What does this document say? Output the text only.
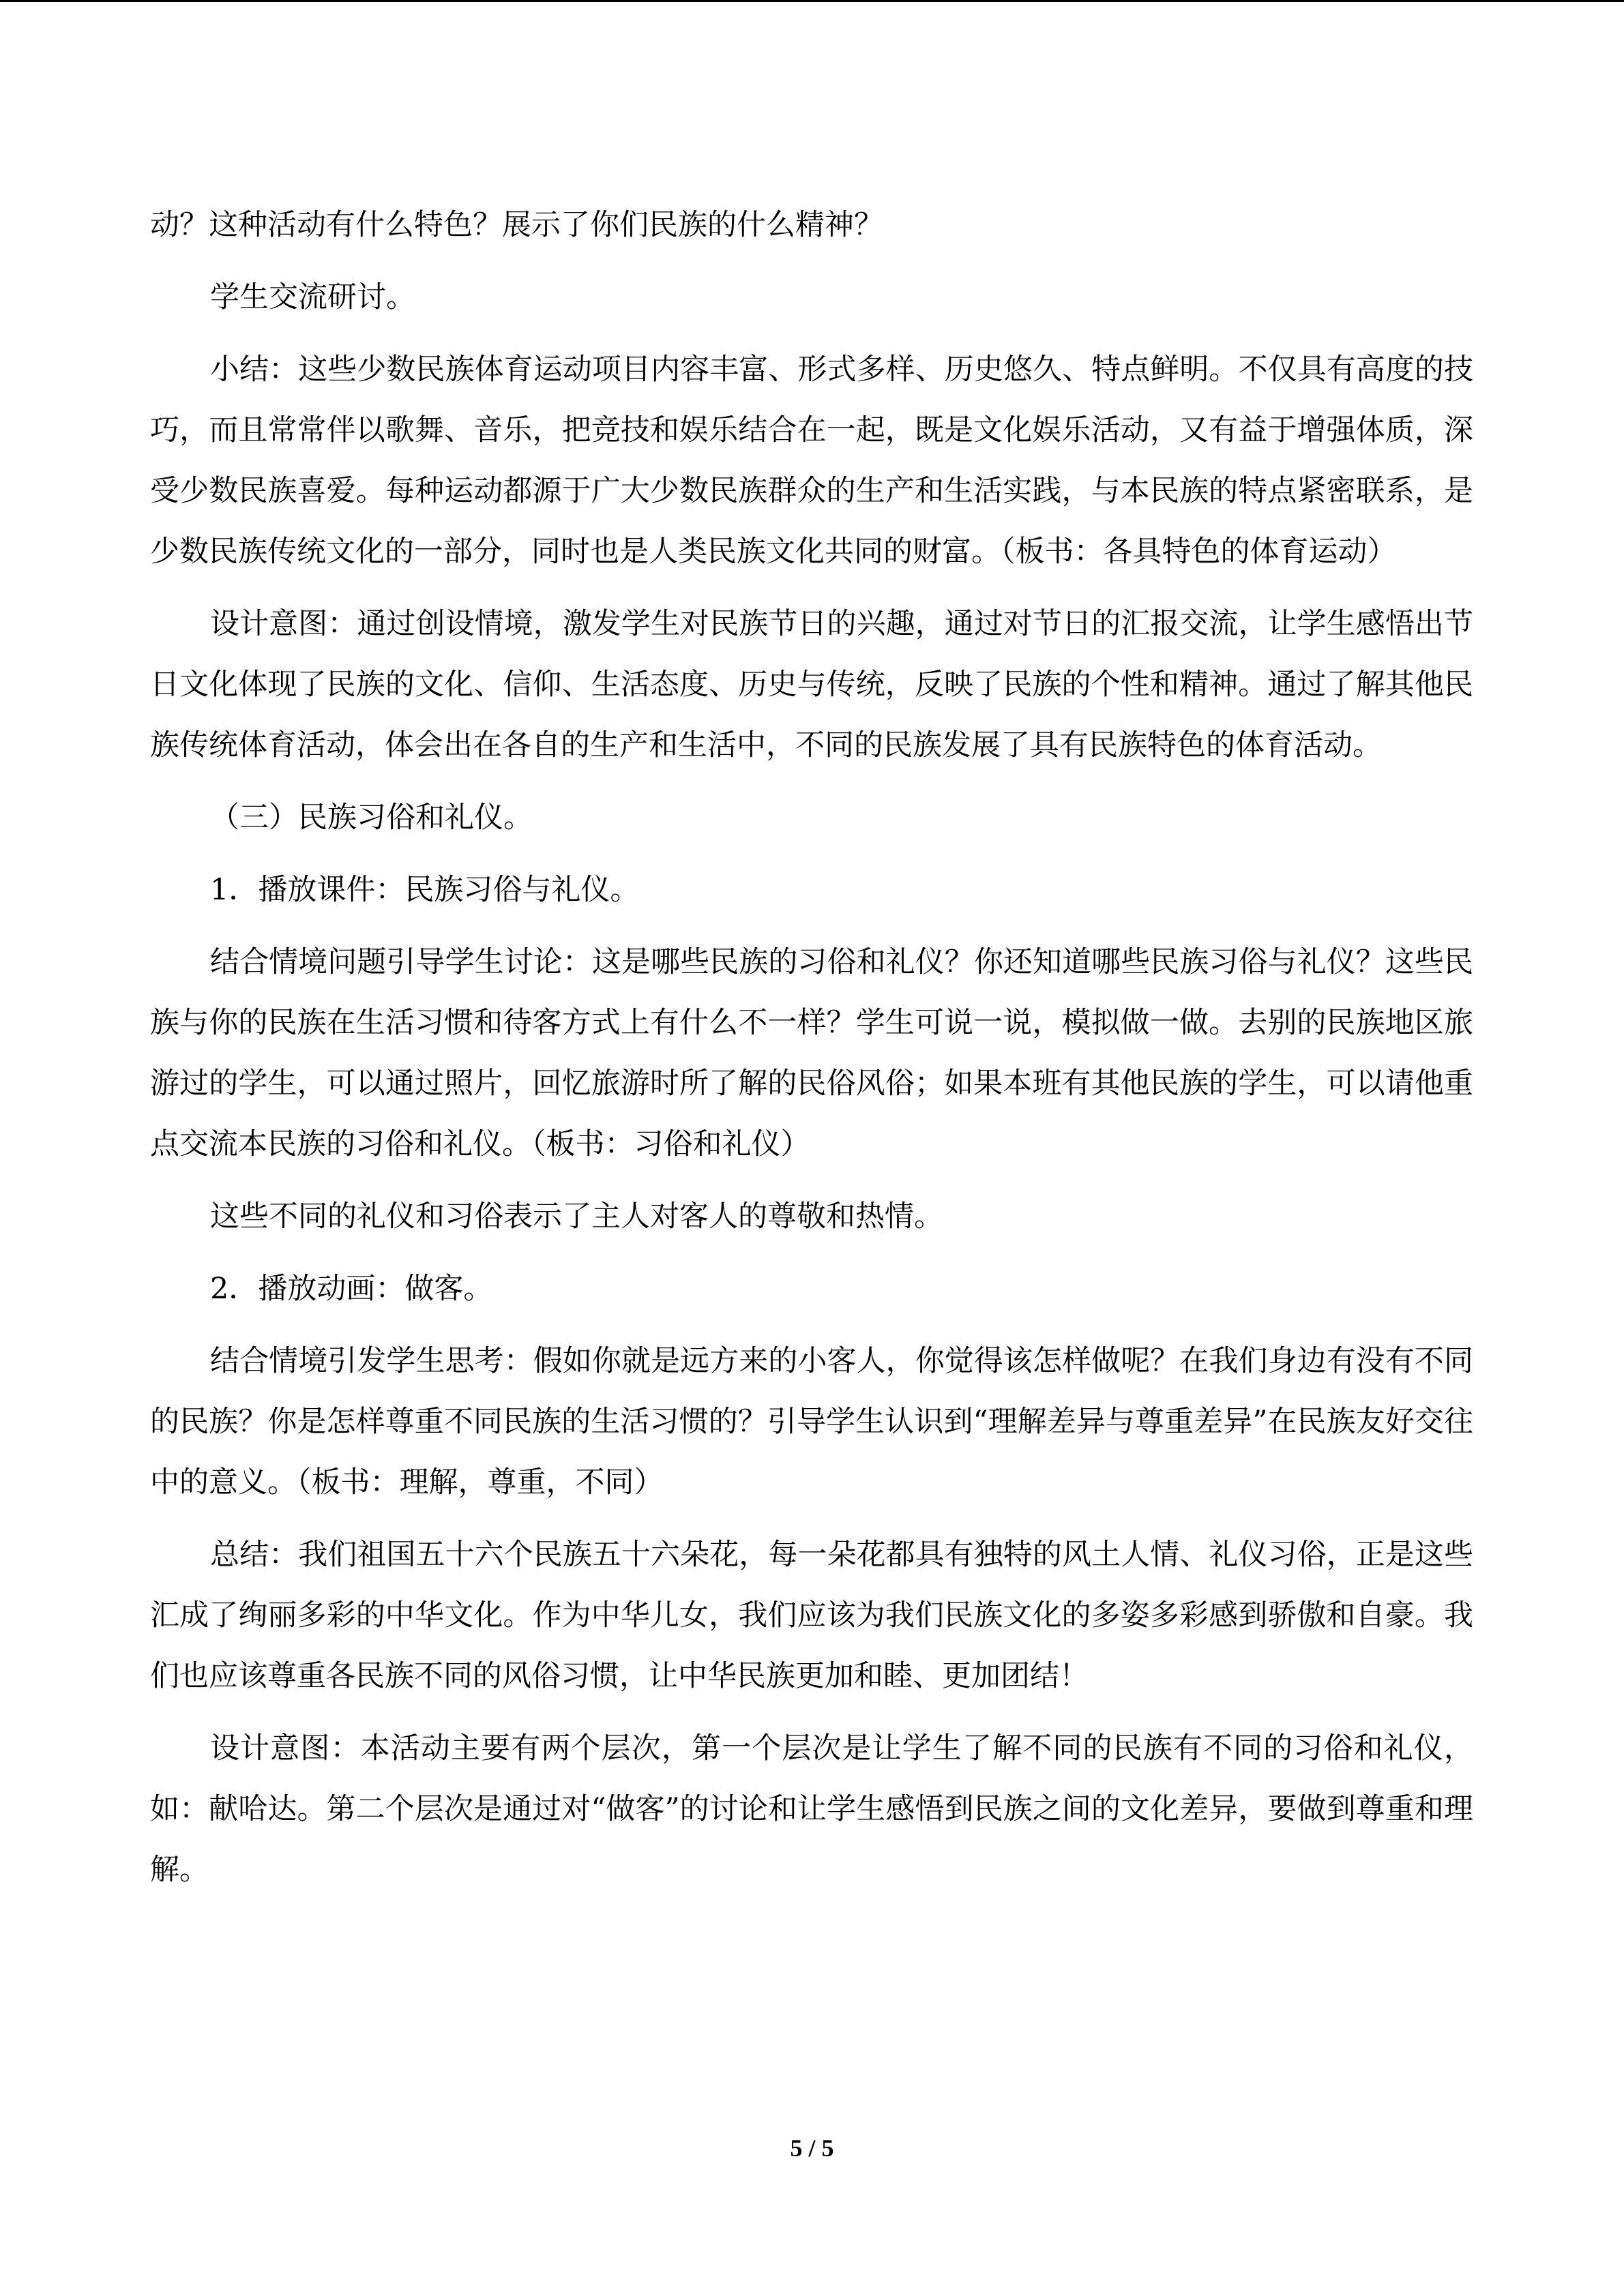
动？这种活动有什么特色？展示了你们民族的什么精神？

学生交流研讨。

小结：这些少数民族体育运动项目内容丰富、形式多样、历史悠久、特点鲜明。不仅具有高度的技巧，而且常常伴以歌舞、音乐，把竞技和娱乐结合在一起，既是文化娱乐活动，又有益于增强体质，深受少数民族喜爱。每种运动都源于广大少数民族群众的生产和生活实践，与本民族的特点紧密联系，是少数民族传统文化的一部分，同时也是人类民族文化共同的财富。（板书：各具特色的体育运动）

设计意图：通过创设情境，激发学生对民族节日的兴趣，通过对节日的汇报交流，让学生感悟出节日文化体现了民族的文化、信仰、生活态度、历史与传统，反映了民族的个性和精神。通过了解其他民族传统体育活动，体会出在各自的生产和生活中，不同的民族发展了具有民族特色的体育活动。

（三）民族习俗和礼仪。

1．播放课件：民族习俗与礼仪。

结合情境问题引导学生讨论：这是哪些民族的习俗和礼仪？你还知道哪些民族习俗与礼仪？这些民族与你的民族在生活习惯和待客方式上有什么不一样？学生可说一说，模拟做一做。去别的民族地区旅游过的学生，可以通过照片，回忆旅游时所了解的民俗风俗；如果本班有其他民族的学生，可以请他重点交流本民族的习俗和礼仪。（板书：习俗和礼仪）

这些不同的礼仪和习俗表示了主人对客人的尊敬和热情。

2．播放动画：做客。

结合情境引发学生思考：假如你就是远方来的小客人，你觉得该怎样做呢？在我们身边有没有不同的民族？你是怎样尊重不同民族的生活习惯的？引导学生认识到“理解差异与尊重差异”在民族友好交往中的意义。（板书：理解，尊重，不同）

总结：我们祖国五十六个民族五十六朵花，每一朵花都具有独特的风土人情、礼仪习俗，正是这些汇成了绚丽多彩的中华文化。作为中华儿女，我们应该为我们民族文化的多姿多彩感到骄傲和自豪。我们也应该尊重各民族不同的风俗习惯，让中华民族更加和睦、更加团结！

设计意图：本活动主要有两个层次，第一个层次是让学生了解不同的民族有不同的习俗和礼仪，如：献哈达。第二个层次是通过对“做客”的讨论和让学生感悟到民族之间的文化差异，要做到尊重和理解。

5 / 5
